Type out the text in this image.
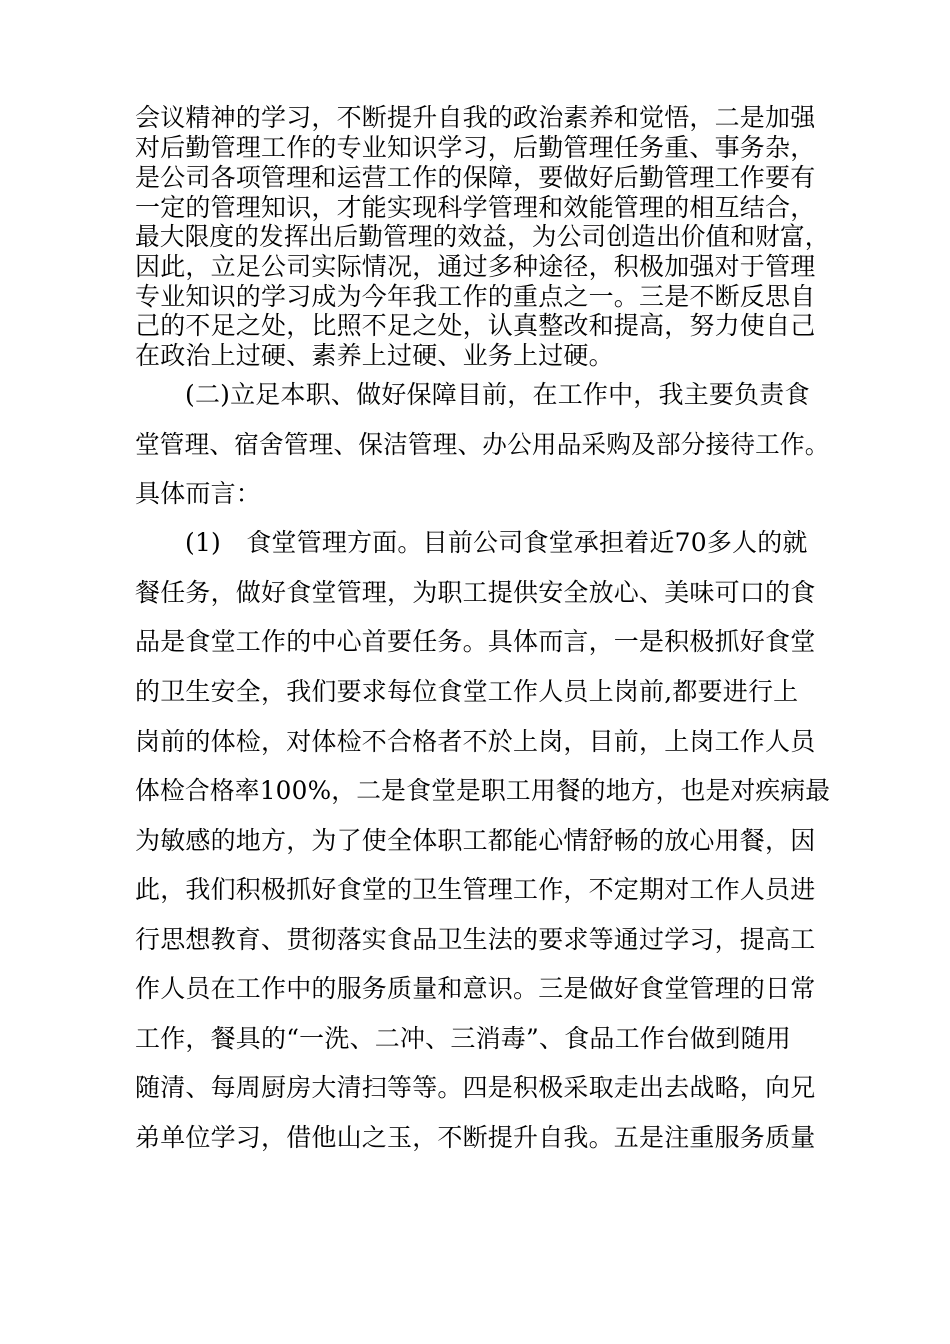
会议精神的学习，不断提升自我的政治素养和觉悟，二是加强
对后勤管理工作的专业知识学习，后勤管理任务重、事务杂，
是公司各项管理和运营工作的保障，要做好后勤管理工作要有
一定的管理知识，才能实现科学管理和效能管理的相互结合，
最大限度的发挥出后勤管理的效益，为公司创造出价值和财富，
因此，立足公司实际情况，通过多种途径，积极加强对于管理
专业知识的学习成为今年我工作的重点之一。三是不断反思自
己的不足之处，比照不足之处，认真整改和提高，努力使自己
在政治上过硬、素养上过硬、业务上过硬。
(二)立足本职、做好保障目前，在工作中，我主要负责食
堂管理、宿舍管理、保洁管理、办公用品采购及部分接待工作。
具体而言：
(1)　食堂管理方面。目前公司食堂承担着近70多人的就
餐任务，做好食堂管理，为职工提供安全放心、美味可口的食
品是食堂工作的中心首要任务。具体而言，一是积极抓好食堂
的卫生安全，我们要求每位食堂工作人员上岗前,都要进行上
岗前的体检，对体检不合格者不於上岗，目前，上岗工作人员
体检合格率100%，二是食堂是职工用餐的地方，也是对疾病最
为敏感的地方，为了使全体职工都能心情舒畅的放心用餐，因
此，我们积极抓好食堂的卫生管理工作，不定期对工作人员进
行思想教育、贯彻落实食品卫生法的要求等通过学习，提高工
作人员在工作中的服务质量和意识。三是做好食堂管理的日常
工作，餐具的“一洗、二冲、三消毒”、食品工作台做到随用
随清、每周厨房大清扫等等。四是积极采取走出去战略，向兄
弟单位学习，借他山之玉，不断提升自我。五是注重服务质量
